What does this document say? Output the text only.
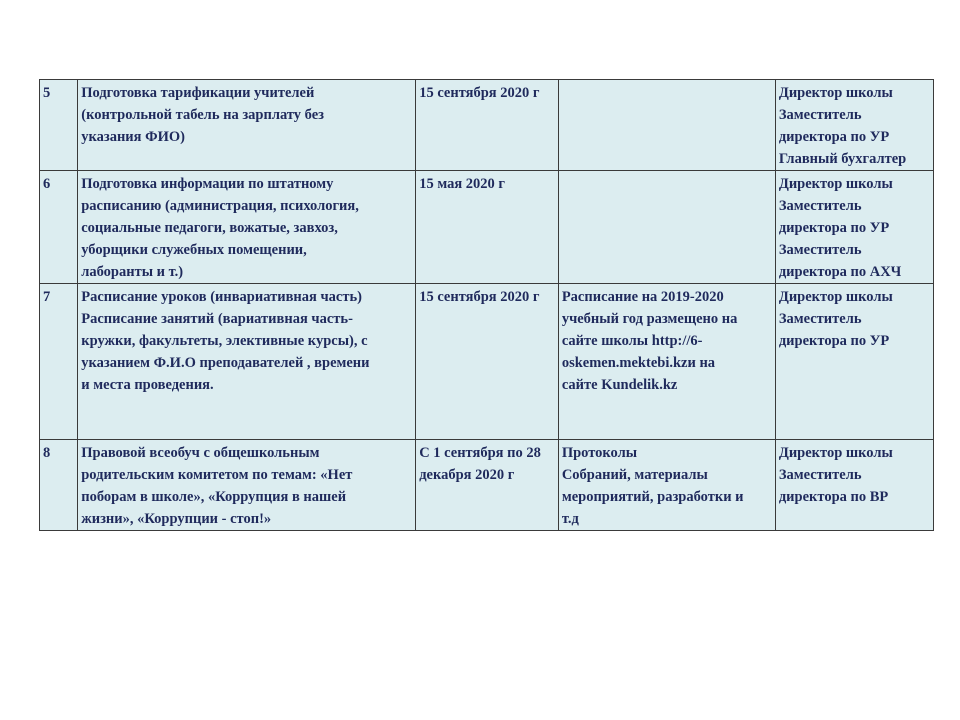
5	Подготовка тарификации учителей
(контрольной табель на зарплату без
указания ФИО)	15 сентября 2020 г		Директор школы
Заместитель
директора по УР
Главный бухгалтер

6	Подготовка информации по штатному
расписанию (администрация, психология,
социальные педагоги, вожатые, завхоз,
уборщики служебных помещении,
лаборанты и т.)	15 мая 2020 г		Директор школы
Заместитель
директора по УР
Заместитель
директора по АХЧ

7	Расписание уроков (инвариативная часть)
Расписание занятий (вариативная часть-
кружки, факультеты, элективные курсы), с
указанием Ф.И.О преподавателей , времени
и места проведения.	15 сентября 2020 г	Расписание на 2019-2020
учебный год размещено на
сайте школы http://6-
oskemen.mektebi.kzи на
сайте Kundelik.kz	Директор школы
Заместитель
директора по УР

8	Правовой всеобуч с общешкольным
родительским комитетом по темам: «Нет
поборам в школе», «Коррупция в нашей
жизни», «Коррупции - стоп!»	С 1 сентября по 28
декабря 2020 г	Протоколы
Собраний, материалы
мероприятий, разработки и
т.д	Директор школы
Заместитель
директора по ВР
